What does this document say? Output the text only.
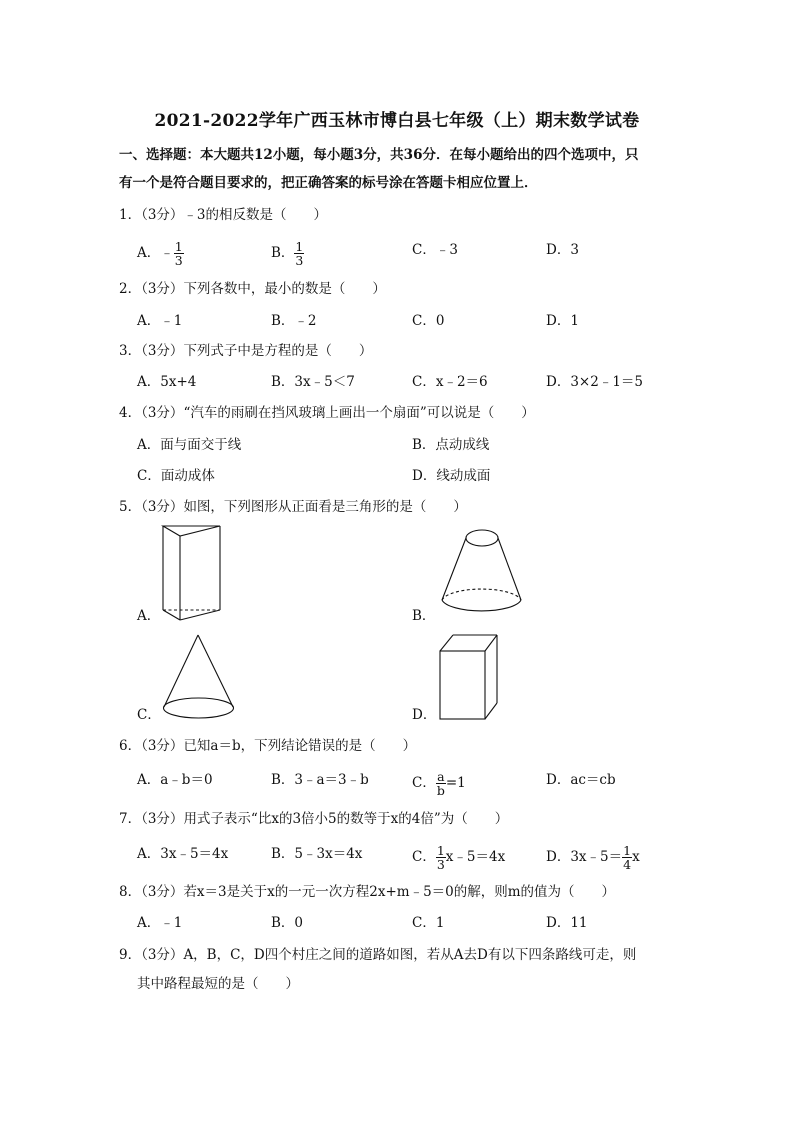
2021-2022学年广西玉林市博白县七年级（上）期末数学试卷
一、选择题：本大题共12小题，每小题3分，共36分．在每小题给出的四个选项中，只
有一个是符合题目要求的，把正确答案的标号涂在答题卡相应位置上．
1．（3分）﹣3的相反数是（　　）
A．﹣ $\frac{1}{3}$	B． $\frac{1}{3}$	C．﹣3	D．3
2．（3分）下列各数中，最小的数是（　　）
A．﹣1	B．﹣2	C．0	D．1
3．（3分）下列式子中是方程的是（　　）
A．5x+4	B．3x﹣5＜7	C．x﹣2＝6	D．3×2﹣1＝5
4．（3分）“汽车的雨刷在挡风玻璃上画出一个扇面”可以说是（　　）
A．面与面交于线	B．点动成线
C．面动成体	D．线动成面
5．（3分）如图，下列图形从正面看是三角形的是（　　）
A．	B．
C．	D．
6．（3分）已知a＝b，下列结论错误的是（　　）
A．a﹣b＝0	B．3﹣a＝3﹣b	C． $\frac{a}{b} =1$	D．ac＝cb
7．（3分）用式子表示“比x的3倍小5的数等于x的4倍”为（　　）
A．3x﹣5＝4x	B．5﹣3x＝4x	C． $\frac{1}{3}$ x﹣5＝4x	D．3x﹣5＝ $\frac{1}{4}$ x
8．（3分）若x＝3是关于x的一元一次方程2x+m﹣5＝0的解，则m的值为（　　）
A．﹣1	B．0	C．1	D．11
9．（3分）A，B，C，D四个村庄之间的道路如图，若从A去D有以下四条路线可走，则
其中路程最短的是（　　）
